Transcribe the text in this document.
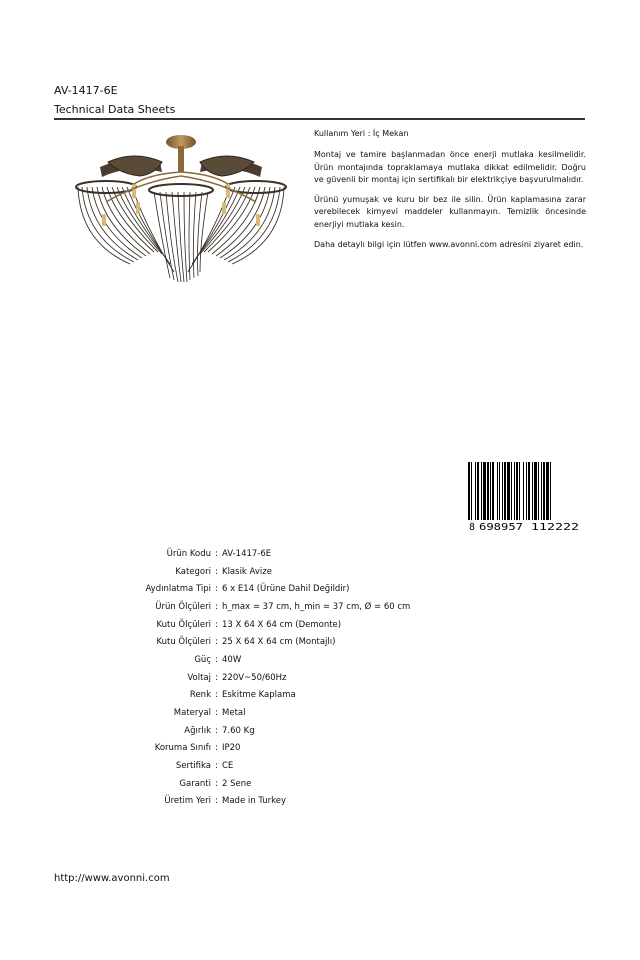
AV-1417-6E
Technical Data Sheets

Kullanım Yeri : İç Mekan

Montaj ve tamire başlanmadan önce enerji mutlaka kesilmelidir. Ürün montajında topraklamaya mutlaka dikkat edilmelidir. Doğru ve güvenli bir montaj için sertifikalı bir elektrikçiye başvurulmalıdır.

Ürünü yumuşak ve kuru bir bez ile silin. Ürün kaplamasına zarar verebilecek kimyevi maddeler kullanmayın. Temizlik öncesinde enerjiyi mutlaka kesin.

Daha detaylı bilgi için lütfen www.avonni.com adresini ziyaret edin.

8 698957 112222
Ürün Kodu : AV-1417-6E
Kategori : Klasik Avize
Aydınlatma Tipi : 6 x E14 (Ürüne Dahil Değildir)
Ürün Ölçüleri : h_max = 37 cm, h_min = 37 cm, Ø = 60 cm
Kutu Ölçüleri : 13 X 64 X 64 cm (Demonte)
Kutu Ölçüleri : 25 X 64 X 64 cm (Montajlı)
Güç : 40W
Voltaj : 220V~50/60Hz
Renk : Eskitme Kaplama
Materyal : Metal
Ağırlık : 7.60 Kg
Koruma Sınıfı : IP20
Sertifika : CE
Garanti : 2 Sene
Üretim Yeri : Made in Turkey
http://www.avonni.com
